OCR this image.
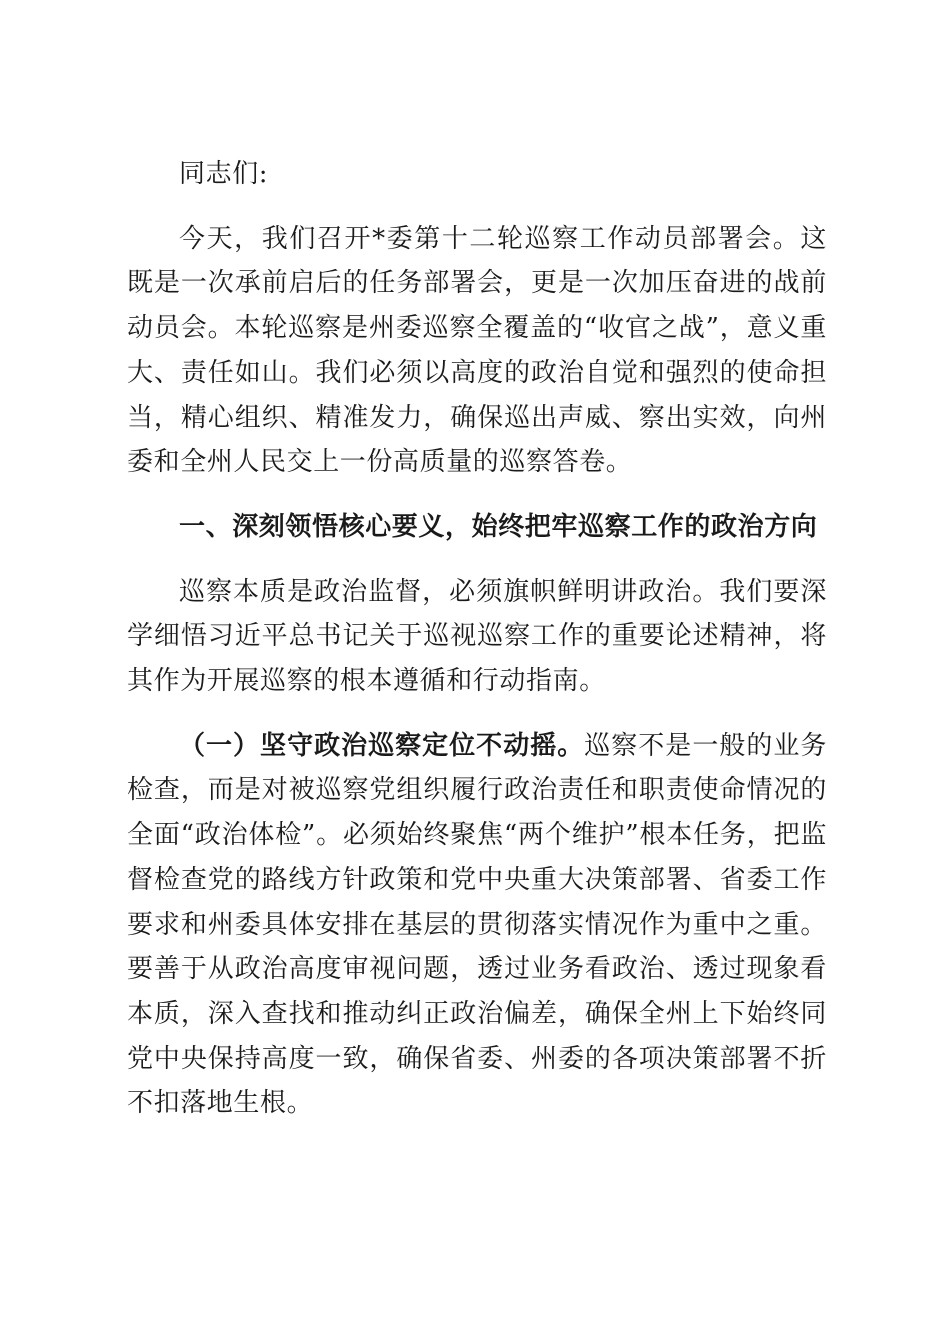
同志们:

今天，我们召开*委第十二轮巡察工作动员部署会。这既是一次承前启后的任务部署会，更是一次加压奋进的战前动员会。本轮巡察是州委巡察全覆盖的“收官之战”，意义重大、责任如山。我们必须以高度的政治自觉和强烈的使命担当，精心组织、精准发力，确保巡出声威、察出实效，向州委和全州人民交上一份高质量的巡察答卷。

一、深刻领悟核心要义，始终把牢巡察工作的政治方向

巡察本质是政治监督，必须旗帜鲜明讲政治。我们要深学细悟习近平总书记关于巡视巡察工作的重要论述精神，将其作为开展巡察的根本遵循和行动指南。

（一）坚守政治巡察定位不动摇。巡察不是一般的业务检查，而是对被巡察党组织履行政治责任和职责使命情况的全面“政治体检”。必须始终聚焦“两个维护”根本任务，把监督检查党的路线方针政策和党中央重大决策部署、省委工作要求和州委具体安排在基层的贯彻落实情况作为重中之重。要善于从政治高度审视问题，透过业务看政治、透过现象看本质，深入查找和推动纠正政治偏差，确保全州上下始终同党中央保持高度一致，确保省委、州委的各项决策部署不折不扣落地生根。
